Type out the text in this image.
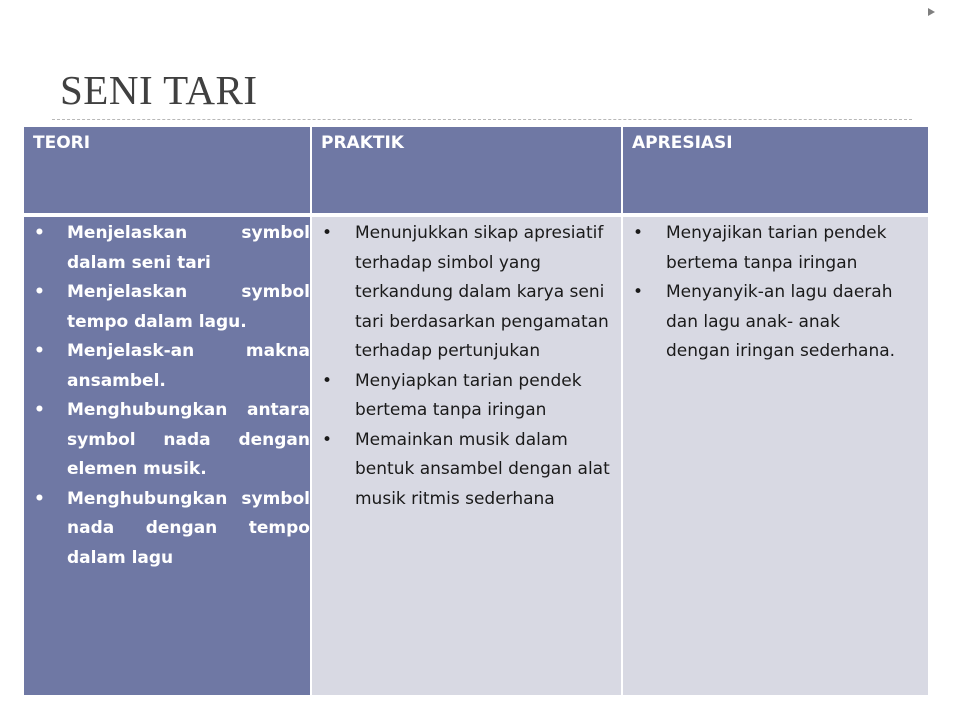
SENI TARI
TEORI	PRAKTIK	APRESIASI
• Menjelaskan symbol dalam seni tari
• Menjelaskan symbol tempo dalam lagu.
• Menjelask-an makna ansambel.
• Menghubungkan antara symbol nada dengan elemen musik.
• Menghubungkan symbol nada dengan tempo dalam lagu
• Menunjukkan sikap apresiatif terhadap simbol yang terkandung dalam karya seni tari berdasarkan pengamatan terhadap pertunjukan
• Menyiapkan tarian pendek bertema tanpa iringan
• Memainkan musik dalam bentuk ansambel dengan alat musik ritmis sederhana
• Menyajikan tarian pendek bertema tanpa iringan
• Menyanyik-an lagu daerah dan lagu anak- anak dengan iringan sederhana.
